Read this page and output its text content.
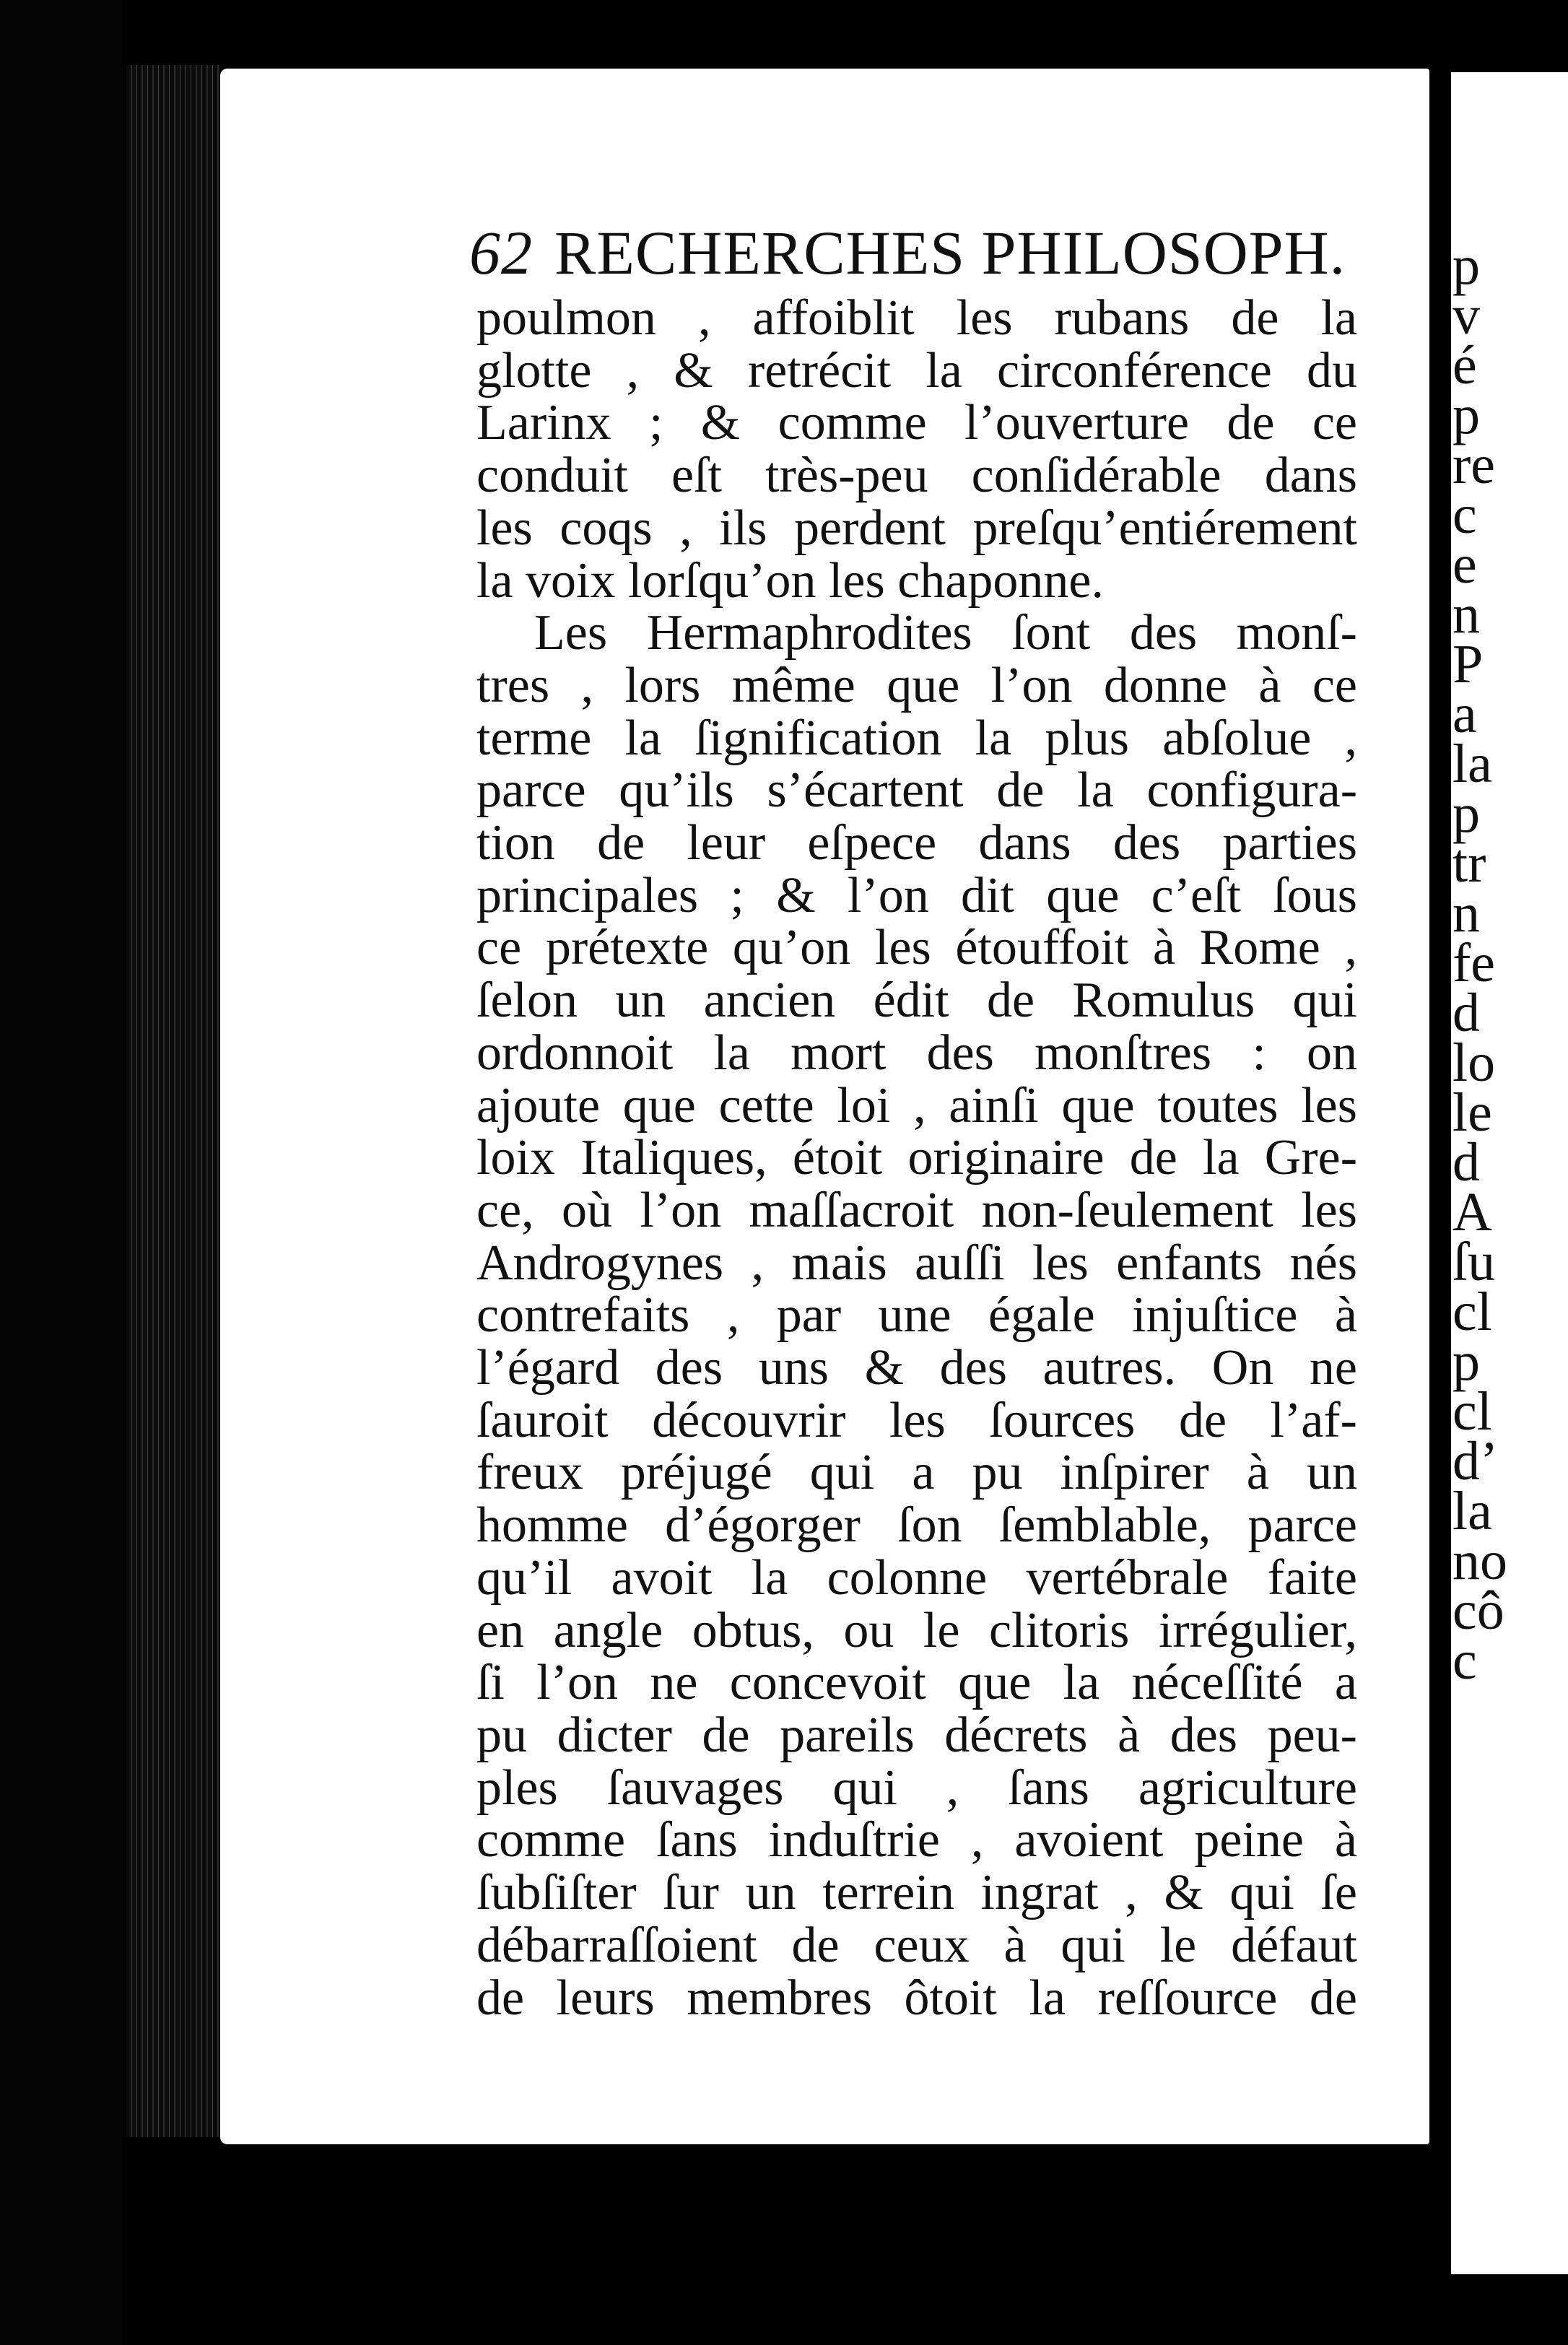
62 RECHERCHES PHILOSOPH.
poulmon , affoiblit les rubans de la
glotte , & retrécit la circonférence du
Larinx ; & comme l’ouverture de ce
conduit eſt très-peu conſidérable dans
les coqs , ils perdent preſqu’entiérement
la voix lorſqu’on les chaponne.
Les Hermaphrodites ſont des monſ-
tres , lors même que l’on donne à ce
terme la ſignification la plus abſolue ,
parce qu’ils s’écartent de la configura-
tion de leur eſpece dans des parties
principales ; & l’on dit que c’eſt ſous
ce prétexte qu’on les étouffoit à Rome ,
ſelon un ancien édit de Romulus qui
ordonnoit la mort des monſtres : on
ajoute que cette loi , ainſi que toutes les
loix Italiques, étoit originaire de la Gre-
ce, où l’on maſſacroit non-ſeulement les
Androgynes , mais auſſi les enfants nés
contrefaits , par une égale injuſtice à
l’égard des uns & des autres. On ne
ſauroit découvrir les ſources de l’af-
freux préjugé qui a pu inſpirer à un
homme d’égorger ſon ſemblable, parce
qu’il avoit la colonne vertébrale faite
en angle obtus, ou le clitoris irrégulier,
ſi l’on ne concevoit que la néceſſité a
pu dicter de pareils décrets à des peu-
ples ſauvages qui , ſans agriculture
comme ſans induſtrie , avoient peine à
ſubſiſter ſur un terrein ingrat , & qui ſe
débarraſſoient de ceux à qui le défaut
de leurs membres ôtoit la reſſource de
p
v
é
p
re
c
e
n
P
a
la
p
tr
n
fe
d
lo
le
d
A
ſu
cl
p
cl
d’
la
no
cô
c
